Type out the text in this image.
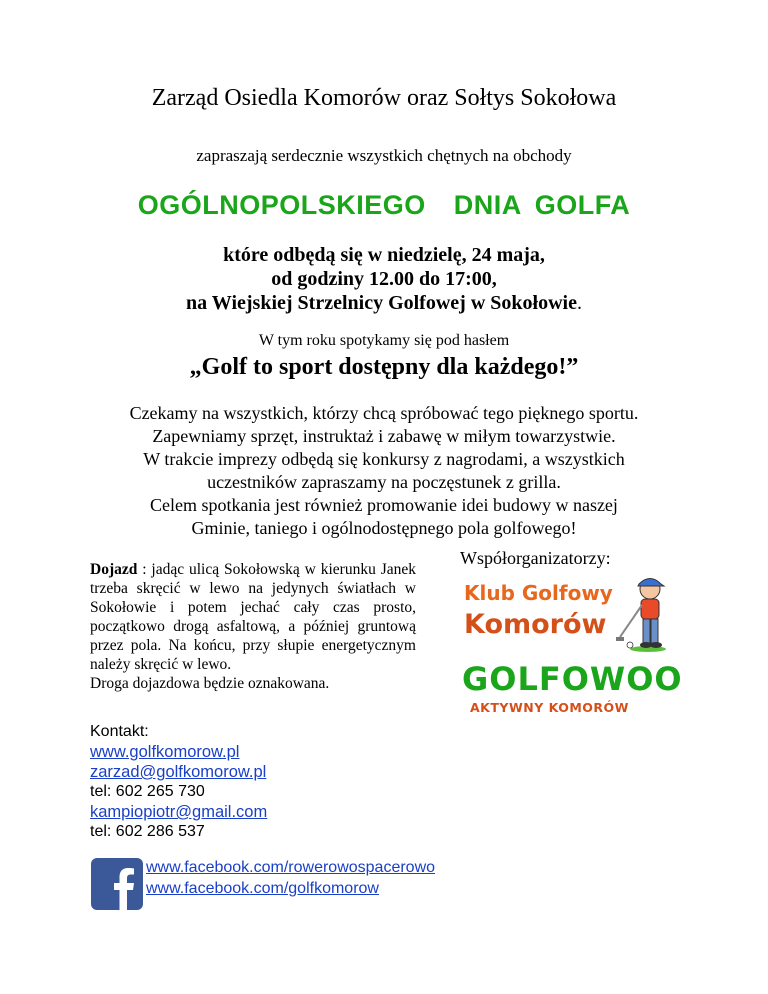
Zarząd Osiedla Komorów oraz Sołtys Sokołowa
zapraszają serdecznie wszystkich chętnych na obchody
OGÓLNOPOLSKIEGO  DNIA GOLFA
które odbędą się w niedzielę, 24 maja,
od godziny 12.00 do 17:00,
na Wiejskiej Strzelnicy Golfowej w Sokołowie.
W tym roku spotykamy się pod hasłem
„Golf to sport dostępny dla każdego!”
Czekamy na wszystkich, którzy chcą spróbować tego pięknego sportu.
Zapewniamy sprzęt, instruktaż i zabawę w miłym towarzystwie.
W trakcie imprezy odbędą się konkursy z nagrodami, a wszystkich
uczestników zapraszamy na poczęstunek z grilla.
Celem spotkania jest również promowanie idei budowy w naszej
Gminie, taniego i ogólnodostępnego pola golfowego!
Dojazd : jadąc ulicą Sokołowską w kierunku Janek trzeba skręcić w lewo na jedynych światłach w Sokołowie i potem jechać cały czas prosto, początkowo drogą asfaltową, a później gruntową przez pola. Na końcu, przy słupie energetycznym należy skręcić w lewo.
Droga dojazdowa będzie oznakowana.
Współorganizatorzy:
Klub Golfowy
Komorów
GOLFOWOO
AKTYWNY KOMORÓW
Kontakt:
www.golfkomorow.pl
zarzad@golfkomorow.pl
tel: 602 265 730
kampiopiotr@gmail.com
tel: 602 286 537
www.facebook.com/rowerowospacerowo
www.facebook.com/golfkomorow
